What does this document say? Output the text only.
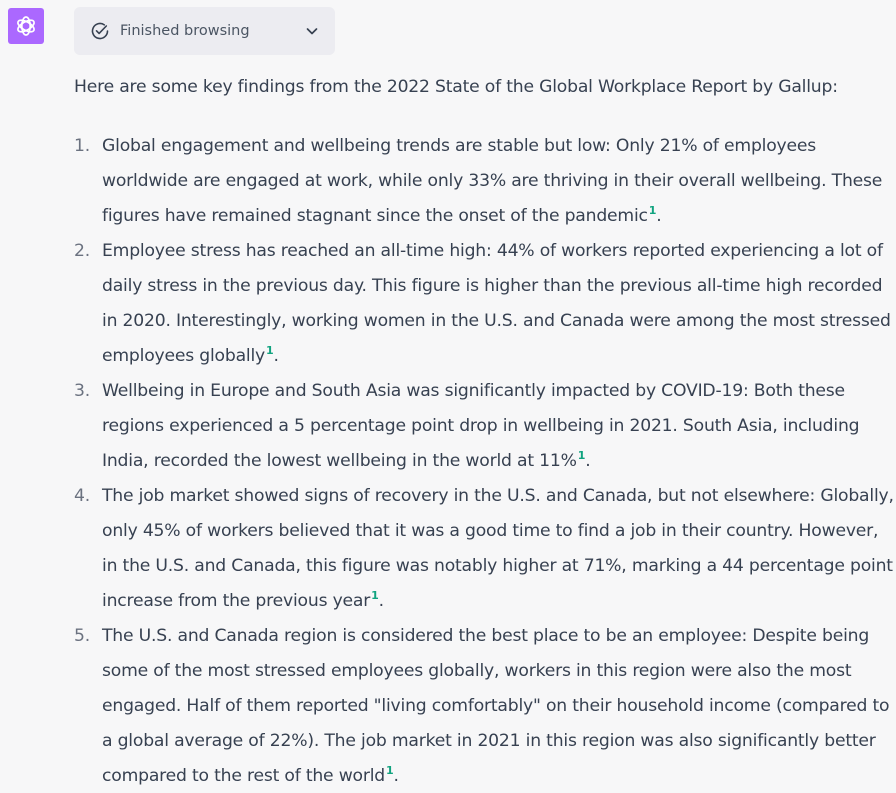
Finished browsing

Here are some key findings from the 2022 State of the Global Workplace Report by Gallup:

1. Global engagement and wellbeing trends are stable but low: Only 21% of employees worldwide are engaged at work, while only 33% are thriving in their overall wellbeing. These figures have remained stagnant since the onset of the pandemic1.
2. Employee stress has reached an all-time high: 44% of workers reported experiencing a lot of daily stress in the previous day. This figure is higher than the previous all-time high recorded in 2020. Interestingly, working women in the U.S. and Canada were among the most stressed employees globally1.
3. Wellbeing in Europe and South Asia was significantly impacted by COVID-19: Both these regions experienced a 5 percentage point drop in wellbeing in 2021. South Asia, including India, recorded the lowest wellbeing in the world at 11%1.
4. The job market showed signs of recovery in the U.S. and Canada, but not elsewhere: Globally, only 45% of workers believed that it was a good time to find a job in their country. However, in the U.S. and Canada, this figure was notably higher at 71%, marking a 44 percentage point increase from the previous year1.
5. The U.S. and Canada region is considered the best place to be an employee: Despite being some of the most stressed employees globally, workers in this region were also the most engaged. Half of them reported "living comfortably" on their household income (compared to a global average of 22%). The job market in 2021 in this region was also significantly better compared to the rest of the world1.
